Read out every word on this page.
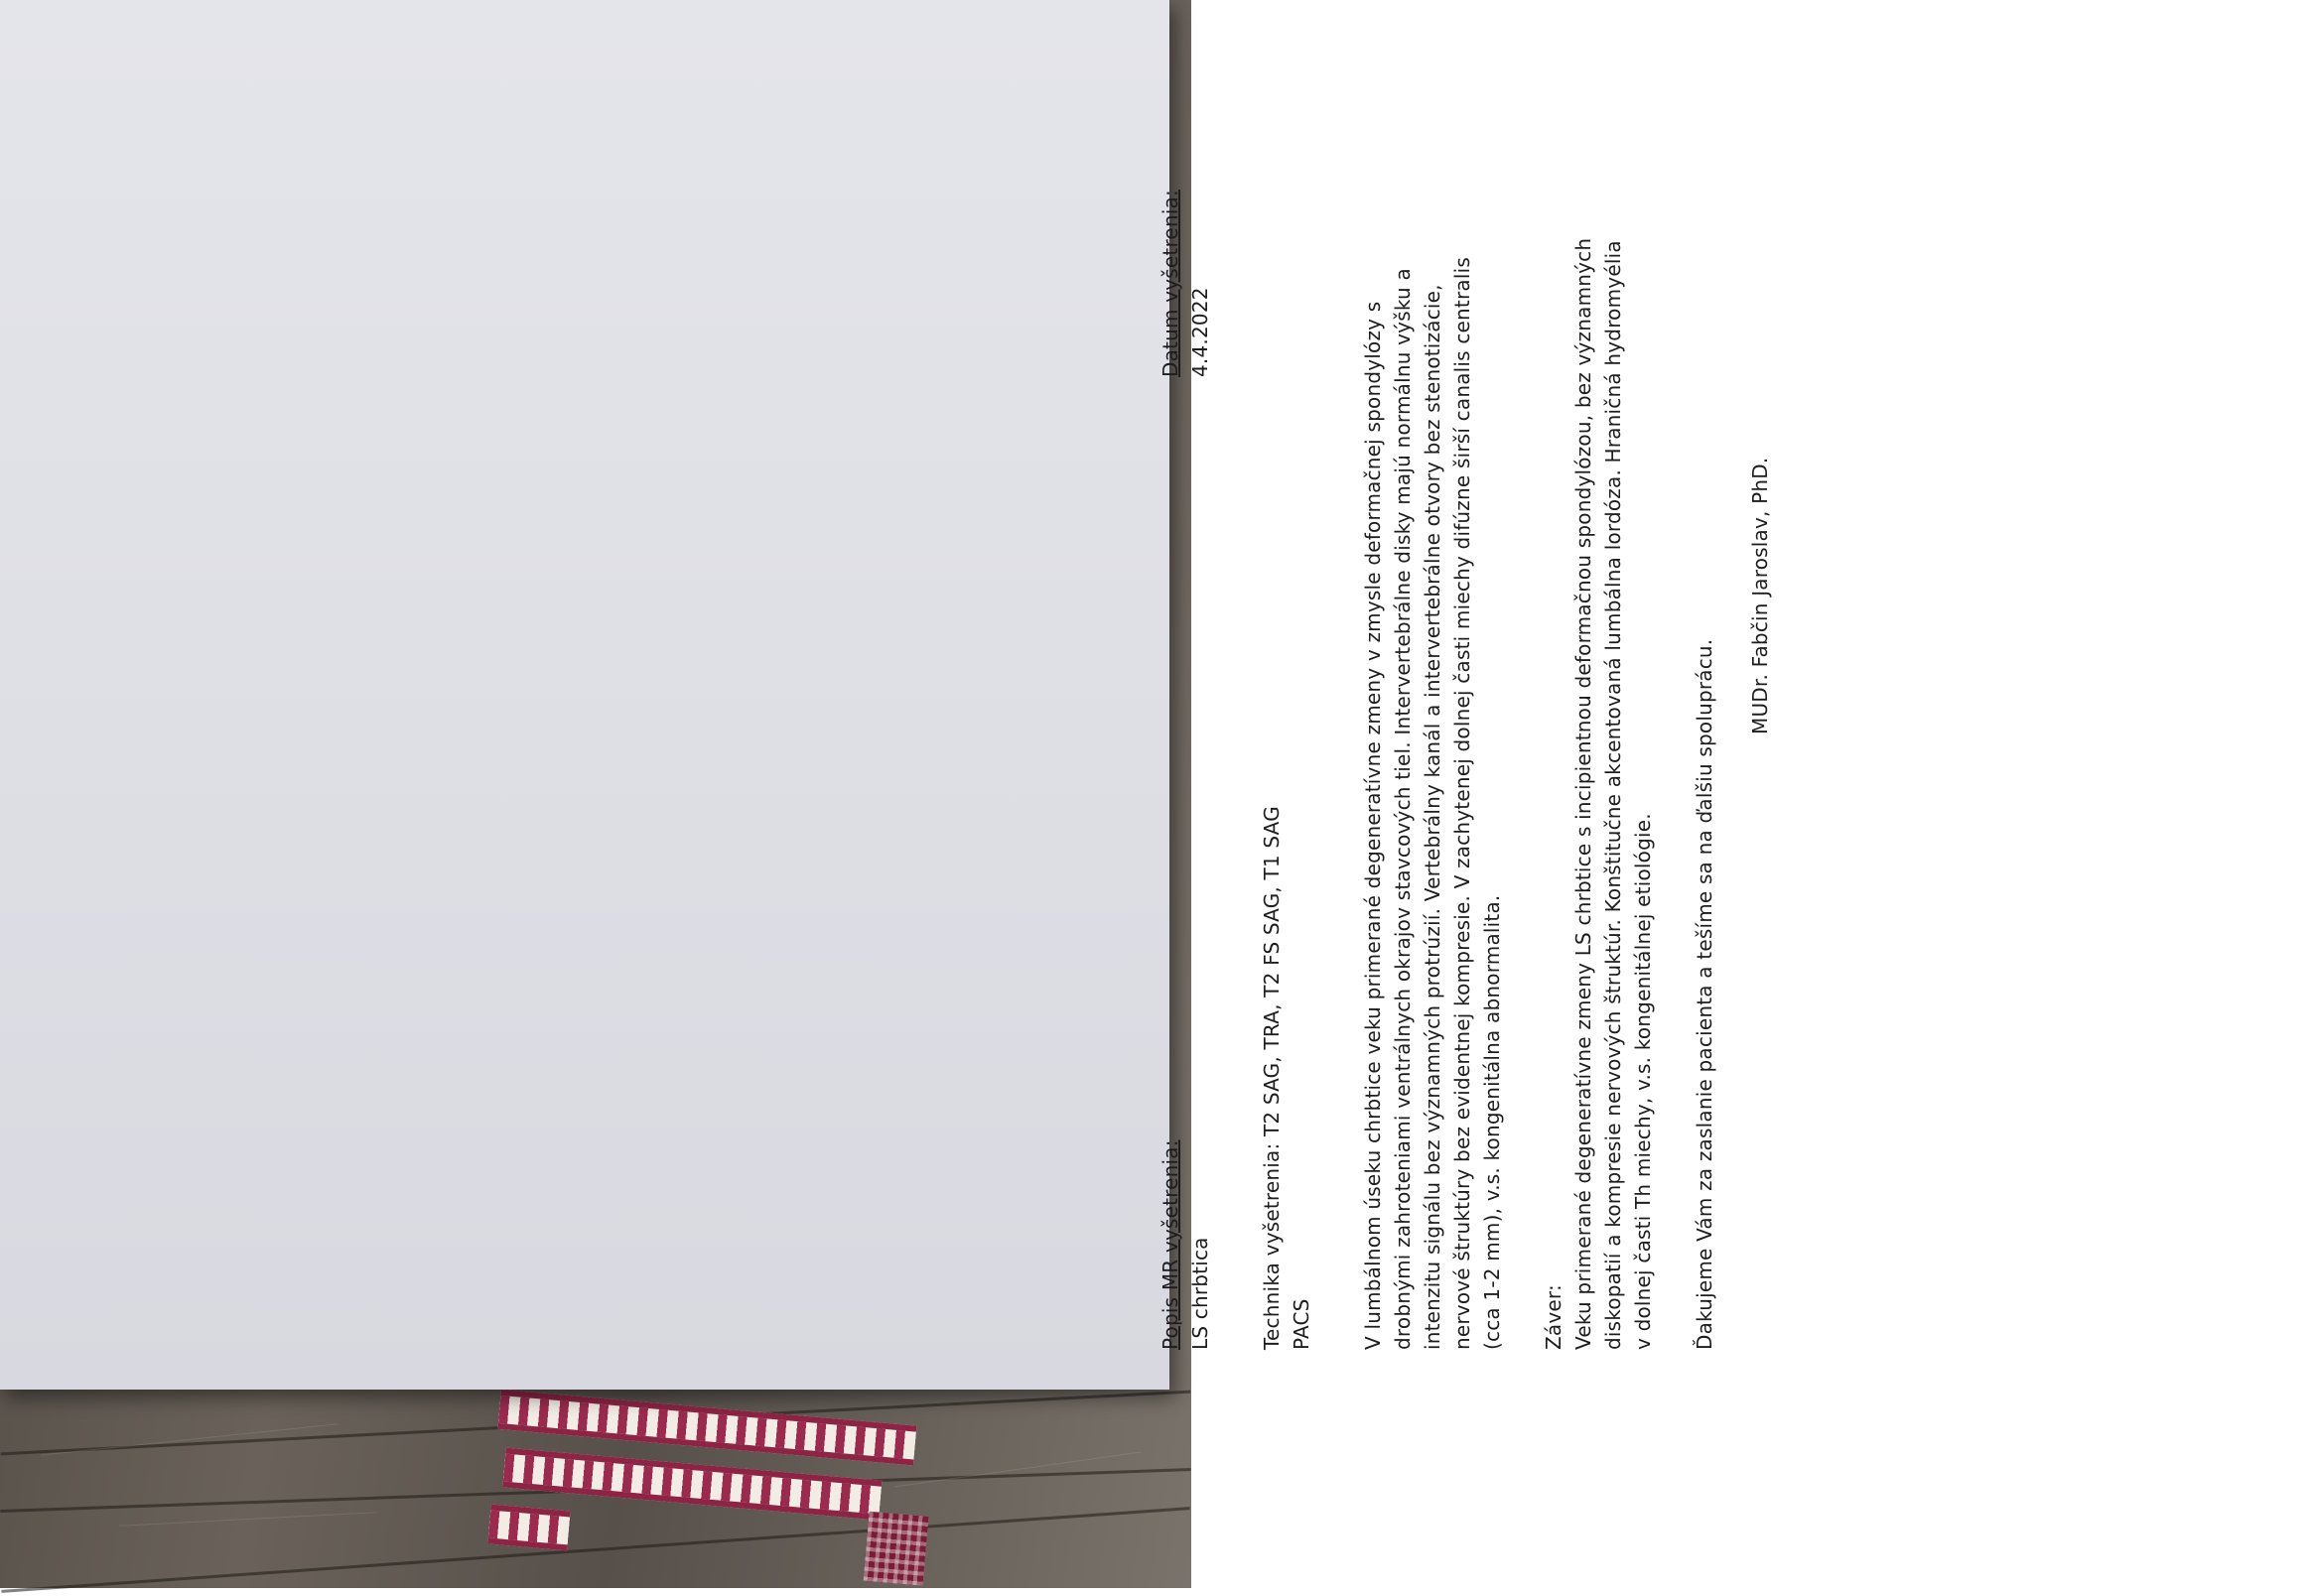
Popis MR vyšetrenia: LS chrbtica
Datum vyšetrenia: 4.4.2022
Technika vyšetrenia: T2 SAG, TRA, T2 FS SAG, T1 SAG PACS V lumbálnom úseku chrbtice veku primerané degeneratívne zmeny v zmysle deformačnej spondylózy s drobnými zahroteniami ventrálnych okrajov stavcových tiel. Intervertebrálne disky majú normálnu výšku a intenzitu signálu bez významných protrúzií. Vertebrálny kanál a intervertebrálne otvory bez stenotizácie, nervové štruktúry bez evidentnej kompresie. V zachytenej dolnej časti miechy difúzne širší canalis centralis (cca 1-2 mm), v.s. kongenitálna abnormalita. Záver: Veku primerané degeneratívne zmeny LS chrbtice s incipientnou deformačnou spondylózou, bez významných diskopatií a kompresie nervových štruktúr. Konštitučne akcentovaná lumbálna lordóza. Hraničná hydromyélia v dolnej časti Th miechy, v.s. kongenitálnej etiológie. Ďakujeme Vám za zaslanie pacienta a tešíme sa na ďalšiu spoluprácu.
MUDr. Fabčin Jaroslav, PhD.
